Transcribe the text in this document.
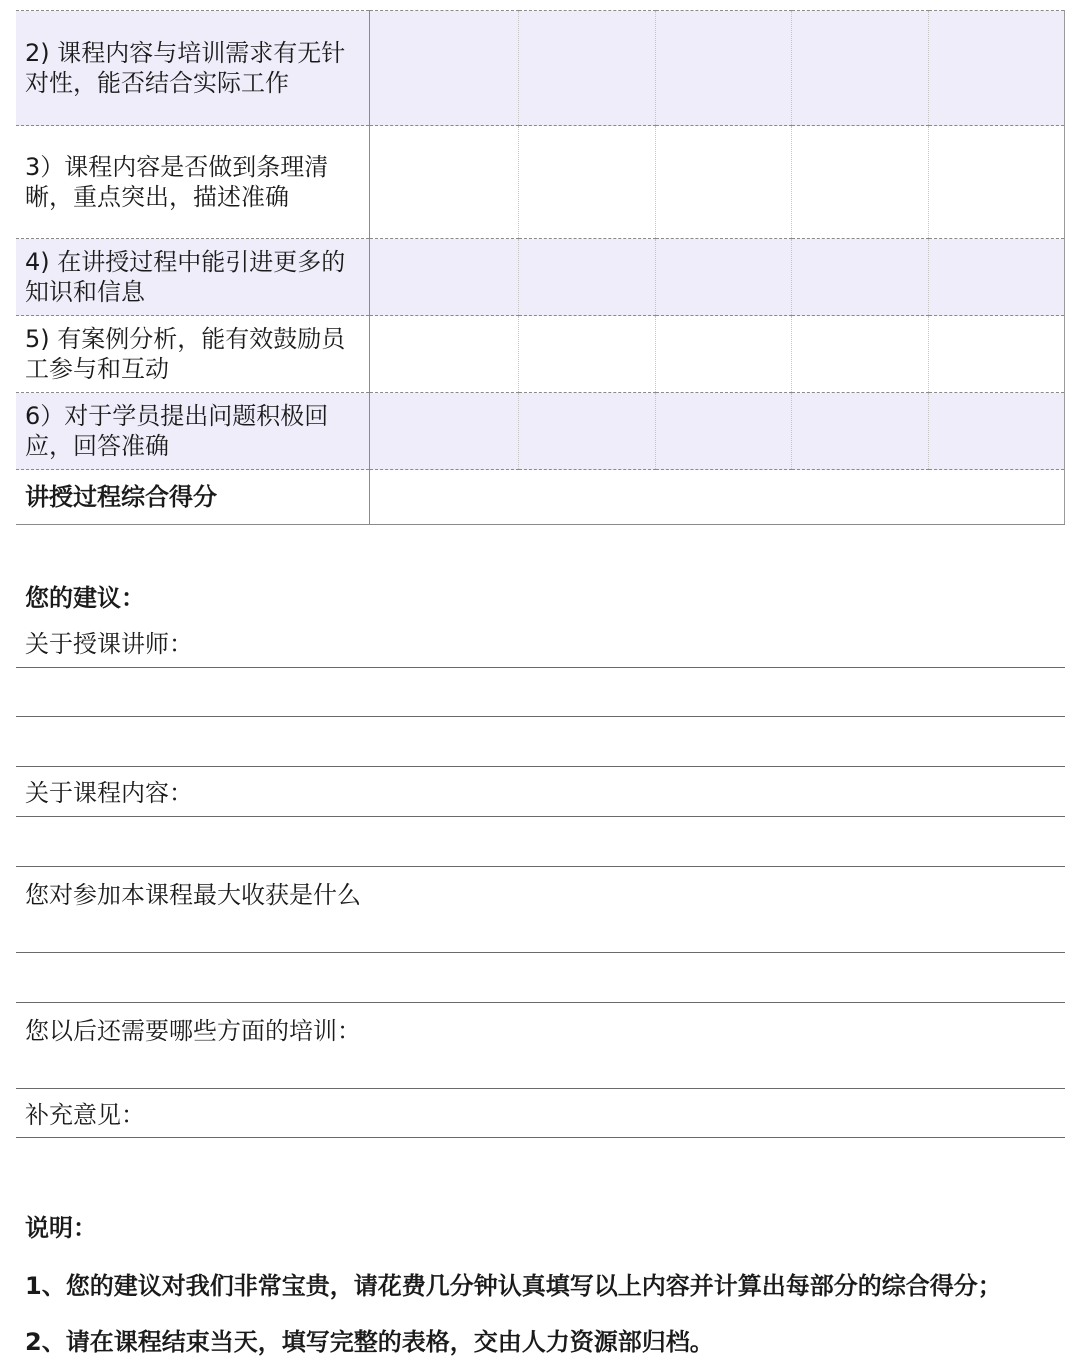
2) 课程内容与培训需求有无针对性，能否结合实际工作					
3）课程内容是否做到条理清晰，重点突出，描述准确					
4) 在讲授过程中能引进更多的知识和信息					
5) 有案例分析，能有效鼓励员工参与和互动					
6）对于学员提出问题积极回应，回答准确					
讲授过程综合得分					
您的建议：
关于授课讲师：
关于课程内容：
您对参加本课程最大收获是什么
您以后还需要哪些方面的培训：
补充意见：
说明：
1、您的建议对我们非常宝贵，请花费几分钟认真填写以上内容并计算出每部分的综合得分；
2、请在课程结束当天，填写完整的表格，交由人力资源部归档。
